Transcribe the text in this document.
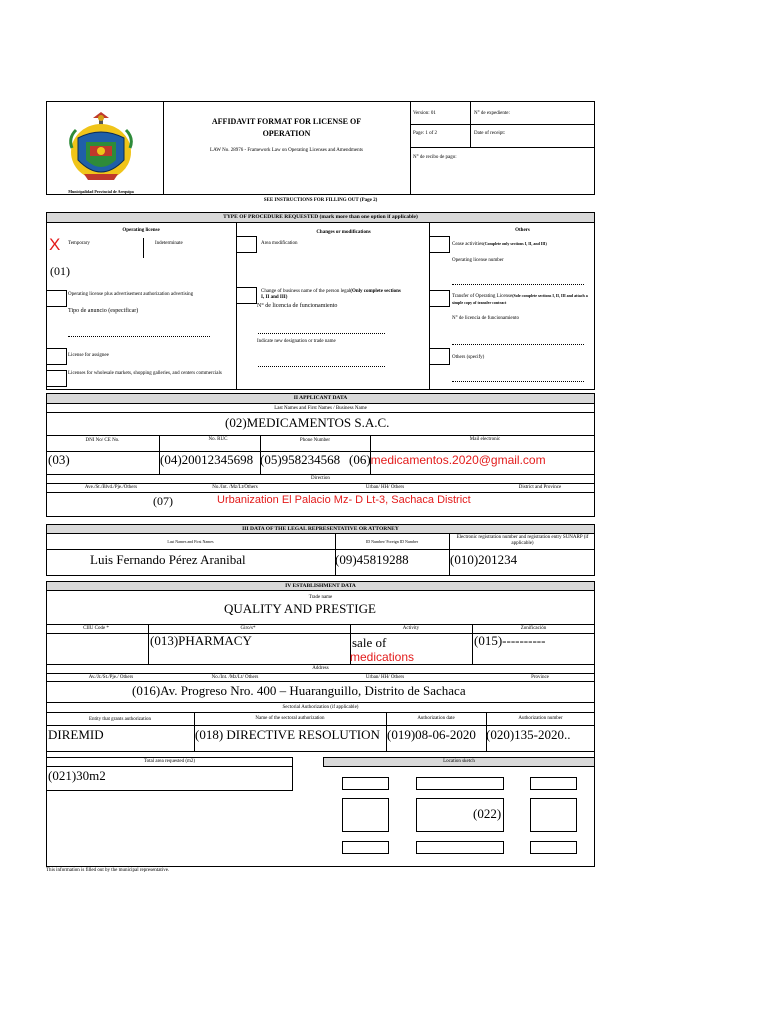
Municipalidad Provincial de Arequipa
AFFIDAVIT FORMAT FOR LICENSE OF
OPERATION
LAW No. 28976 - Framework Law on Operating Licenses and Amendments
Version: 01	N° de expediente:
Page: 1 of 2	Date of receipt:
N° de recibo de pago:
SEE INSTRUCTIONS FOR FILLING OUT (Page 2)
TYPE OF PROCEDURE REQUESTED (mark more than one option if applicable)
Operating license	Changes or modifications	Others
X Temporary	Indeterminate
(01)
Operating license plus advertisement authorization advertising
Tipo de anuncio (especificar)
License for assignee
Licenses for wholesale markets, shopping galleries, and centers commercials
Area modification
Change of business name of the person legal(Only complete sections I, II and III)
N° de licencia de funcionamiento
Indicate new designation or trade name
Cease activities(Complete only sections I, II, and III)
Operating license number
Transfer of Operating License(Sole complete sections I, II, III and attach a simple copy of transfer contract
N° de licencia de funcionamiento
Others (specify)
II APPLICANT DATA
Last Names and First Names / Business Name
(02)MEDICAMENTOS S.A.C.
DNI No/ CE No.	No. RUC	Phone Number	Mail electronic
(03)	(04)20012345698 (05)958234568 (06)medicamentos.2020@gmail.com
Direction
Ave./St./Blvd./Pje./Others	No./Int. /Mz/Lt/Others	Urban/ HH/ Others	District and Province
(07)	Urbanization El Palacio Mz- D Lt-3, Sachaca District
III DATA OF THE LEGAL REPRESENTATIVE OR ATTORNEY
Last Names and First Names	ID Number/ Foreign ID Number
Electronic registration number and registration entry SUNARP (if applicable)
Luis Fernando Pérez Aranibal	(09)45819288	(010)201234
IV ESTABLISHMENT DATA
Trade name
QUALITY AND PRESTIGE
CIIU Code *	Giro/s*	Activity	Zonificación
(013)PHARMACY	sale of
medications
(015)----------
Address
Av./Jr./St./Pje./ Others	No./Int. /Mz/Lt/ Others	Urban/ HH/ Others	Province
(016)Av. Progreso Nro. 400 – Huaranguillo, Distrito de Sachaca
Sectorial Authorization (if applicable)
Entity that grants authorization	Name of the sectoral authorization	Authorization date	Authorization number
DIREMID	(018) DIRECTIVE RESOLUTION (019)08-06-2020 (020)135-2020..
Total area requested (m2)
(021)30m2
Location sketch
(022)
This information is filled out by the municipal representative.
